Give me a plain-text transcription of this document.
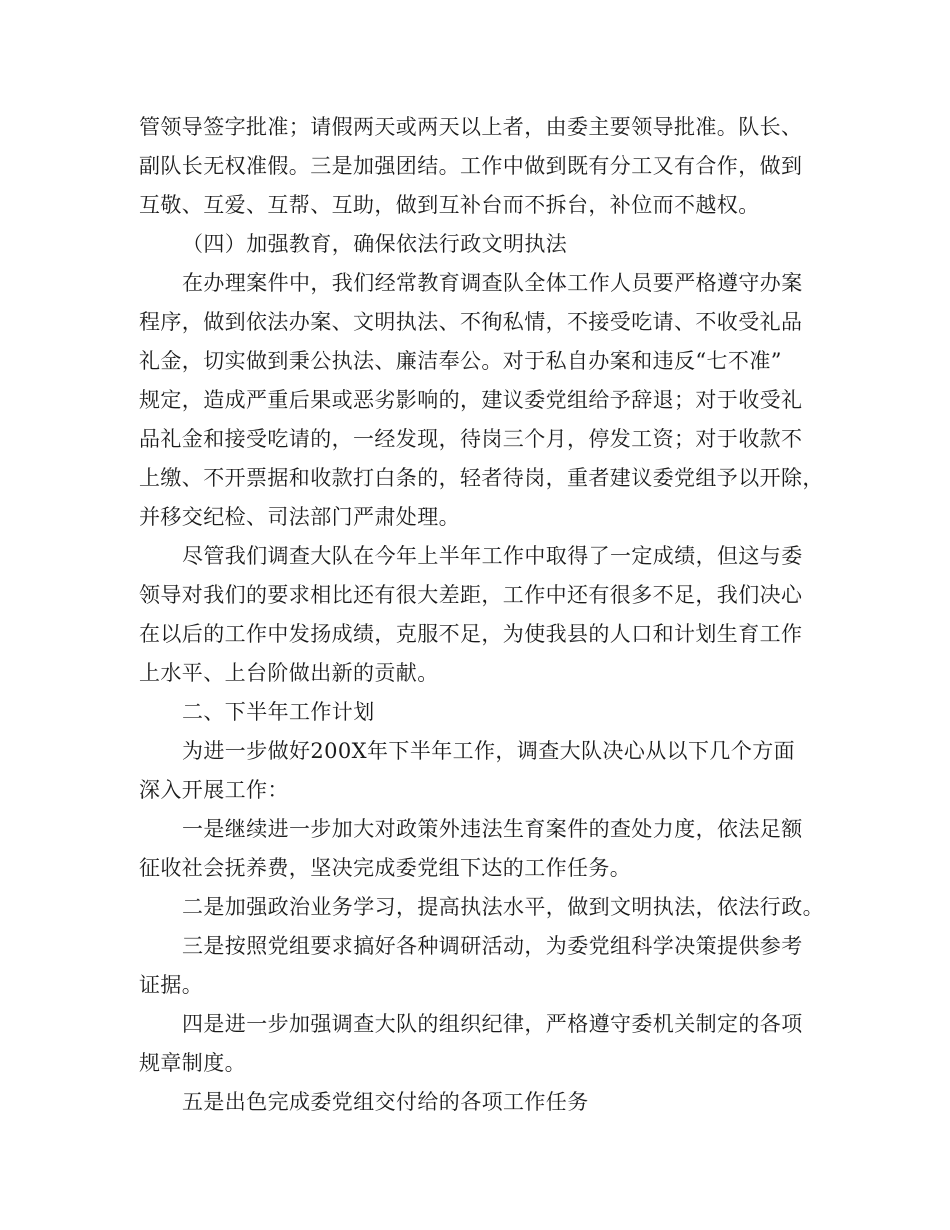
管领导签字批准；请假两天或两天以上者，由委主要领导批准。队长、
副队长无权准假。三是加强团结。工作中做到既有分工又有合作，做到
互敬、互爱、互帮、互助，做到互补台而不拆台，补位而不越权。
（四）加强教育，确保依法行政文明执法
在办理案件中，我们经常教育调查队全体工作人员要严格遵守办案
程序，做到依法办案、文明执法、不徇私情，不接受吃请、不收受礼品
礼金，切实做到秉公执法、廉洁奉公。对于私自办案和违反“七不准”
规定，造成严重后果或恶劣影响的，建议委党组给予辞退；对于收受礼
品礼金和接受吃请的，一经发现，待岗三个月，停发工资；对于收款不
上缴、不开票据和收款打白条的，轻者待岗，重者建议委党组予以开除，
并移交纪检、司法部门严肃处理。
尽管我们调查大队在今年上半年工作中取得了一定成绩，但这与委
领导对我们的要求相比还有很大差距，工作中还有很多不足，我们决心
在以后的工作中发扬成绩，克服不足，为使我县的人口和计划生育工作
上水平、上台阶做出新的贡献。
二、下半年工作计划
为进一步做好200X年下半年工作，调查大队决心从以下几个方面
深入开展工作：
一是继续进一步加大对政策外违法生育案件的查处力度，依法足额
征收社会抚养费，坚决完成委党组下达的工作任务。
二是加强政治业务学习，提高执法水平，做到文明执法，依法行政。
三是按照党组要求搞好各种调研活动，为委党组科学决策提供参考
证据。
四是进一步加强调查大队的组织纪律，严格遵守委机关制定的各项
规章制度。
五是出色完成委党组交付给的各项工作任务
